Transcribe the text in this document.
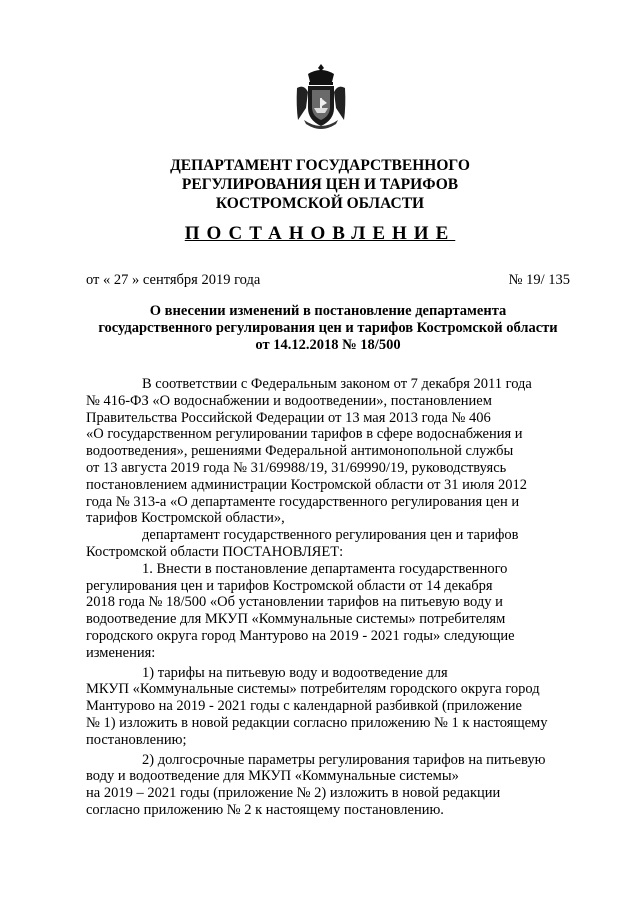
ДЕПАРТАМЕНТ ГОСУДАРСТВЕННОГО
РЕГУЛИРОВАНИЯ ЦЕН И ТАРИФОВ
КОСТРОМСКОЙ ОБЛАСТИ
ПОСТАНОВЛЕНИЕ
от « 27 » сентября 2019 года	№ 19/ 135
О внесении изменений в постановление департамента
государственного регулирования цен и тарифов Костромской области
от 14.12.2018 № 18/500
В соответствии с Федеральным законом от 7 декабря 2011 года
№ 416-ФЗ «О водоснабжении и водоотведении», постановлением
Правительства Российской Федерации от 13 мая 2013 года № 406
«О государственном регулировании тарифов в сфере водоснабжения и
водоотведения», решениями Федеральной антимонопольной службы
от 13 августа 2019 года № 31/69988/19, 31/69990/19, руководствуясь
постановлением администрации Костромской области от 31 июля 2012
года № 313-а «О департаменте государственного регулирования цен и
тарифов Костромской области»,
департамент государственного регулирования цен и тарифов
Костромской области ПОСТАНОВЛЯЕТ:
1. Внести в постановление департамента государственного
регулирования цен и тарифов Костромской области от 14 декабря
2018 года № 18/500 «Об установлении тарифов на питьевую воду и
водоотведение для МКУП «Коммунальные системы» потребителям
городского округа город Мантурово на 2019 - 2021 годы» следующие
изменения:
1) тарифы на питьевую воду и водоотведение для
МКУП «Коммунальные системы» потребителям городского округа город
Мантурово на 2019 - 2021 годы с календарной разбивкой (приложение
№ 1) изложить в новой редакции согласно приложению № 1 к настоящему
постановлению;
2) долгосрочные параметры регулирования тарифов на питьевую
воду и водоотведение для МКУП «Коммунальные системы»
на 2019 – 2021 годы (приложение № 2) изложить в новой редакции
согласно приложению № 2 к настоящему постановлению.
